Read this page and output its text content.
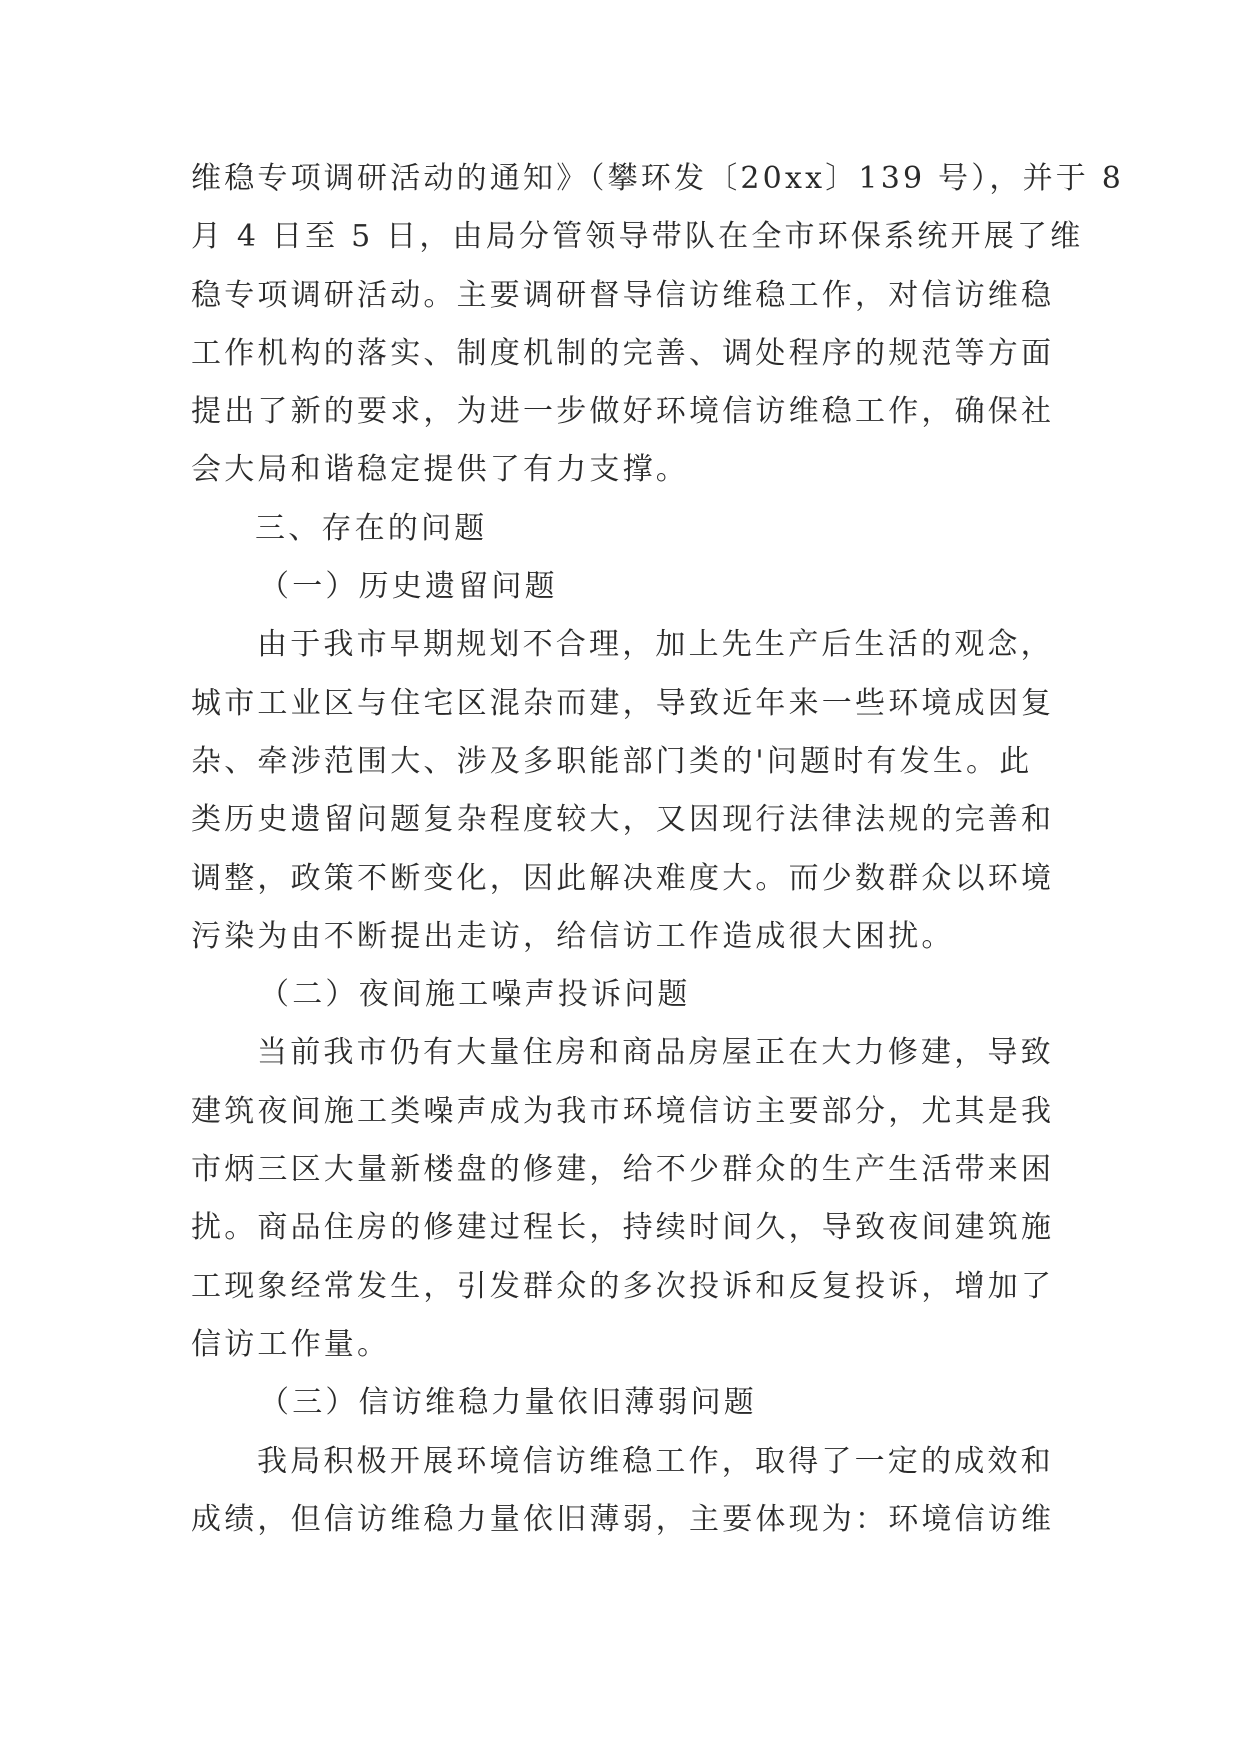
维稳专项调研活动的通知》（攀环发〔20xx〕139 号），并于 8
月 4 日至 5 日，由局分管领导带队在全市环保系统开展了维
稳专项调研活动。主要调研督导信访维稳工作，对信访维稳
工作机构的落实、制度机制的完善、调处程序的规范等方面
提出了新的要求，为进一步做好环境信访维稳工作，确保社
会大局和谐稳定提供了有力支撑。
三、存在的问题
（一）历史遗留问题
由于我市早期规划不合理，加上先生产后生活的观念，
城市工业区与住宅区混杂而建，导致近年来一些环境成因复
杂、牵涉范围大、涉及多职能部门类的'问题时有发生。此
类历史遗留问题复杂程度较大，又因现行法律法规的完善和
调整，政策不断变化，因此解决难度大。而少数群众以环境
污染为由不断提出走访，给信访工作造成很大困扰。
（二）夜间施工噪声投诉问题
当前我市仍有大量住房和商品房屋正在大力修建，导致
建筑夜间施工类噪声成为我市环境信访主要部分，尤其是我
市炳三区大量新楼盘的修建，给不少群众的生产生活带来困
扰。商品住房的修建过程长，持续时间久，导致夜间建筑施
工现象经常发生，引发群众的多次投诉和反复投诉，增加了
信访工作量。
（三）信访维稳力量依旧薄弱问题
我局积极开展环境信访维稳工作，取得了一定的成效和
成绩，但信访维稳力量依旧薄弱，主要体现为：环境信访维
